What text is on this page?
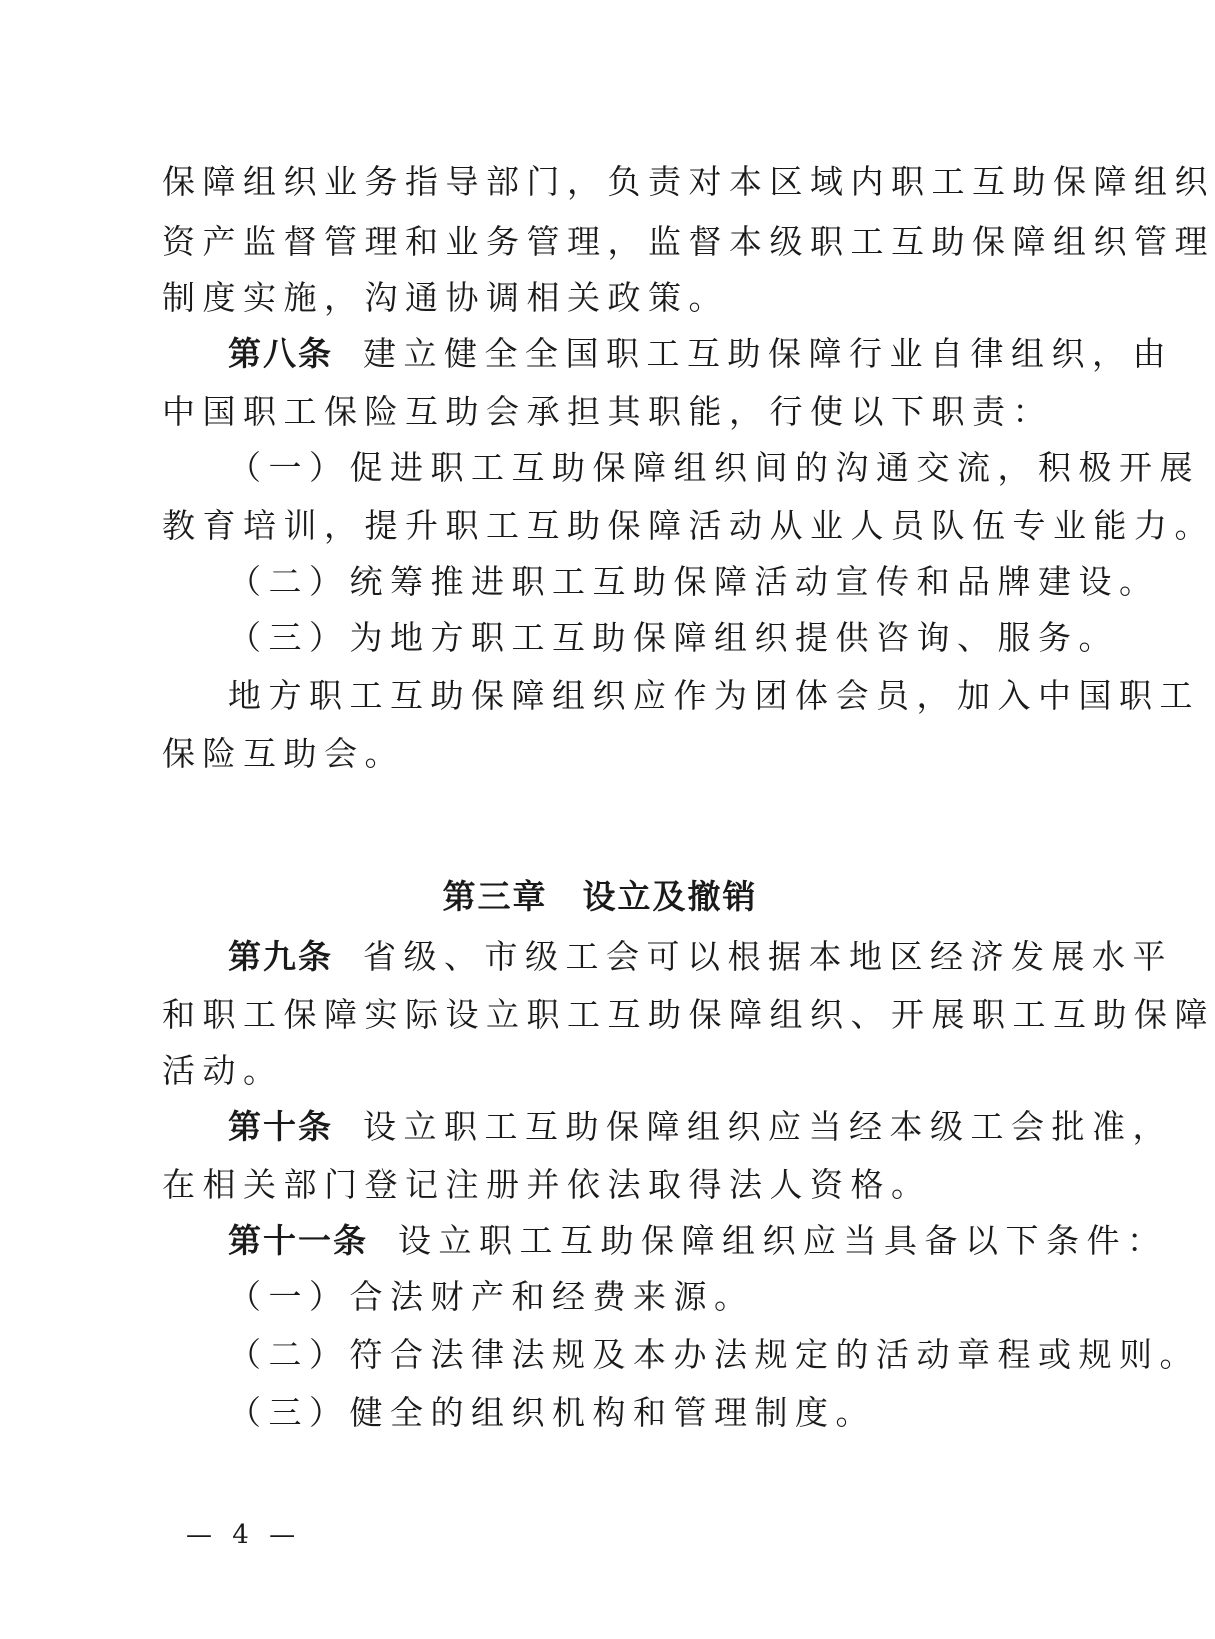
保障组织业务指导部门，负责对本区域内职工互助保障组织
资产监督管理和业务管理，监督本级职工互助保障组织管理
制度实施，沟通协调相关政策。
第八条 建立健全全国职工互助保障行业自律组织，由
中国职工保险互助会承担其职能，行使以下职责：
（一）促进职工互助保障组织间的沟通交流，积极开展
教育培训，提升职工互助保障活动从业人员队伍专业能力。
（二）统筹推进职工互助保障活动宣传和品牌建设。
（三）为地方职工互助保障组织提供咨询、服务。
地方职工互助保障组织应作为团体会员，加入中国职工
保险互助会。
第三章　设立及撤销
第九条 省级、市级工会可以根据本地区经济发展水平
和职工保障实际设立职工互助保障组织、开展职工互助保障
活动。
第十条 设立职工互助保障组织应当经本级工会批准，
在相关部门登记注册并依法取得法人资格。
第十一条 设立职工互助保障组织应当具备以下条件：
（一）合法财产和经费来源。
（二）符合法律法规及本办法规定的活动章程或规则。
（三）健全的组织机构和管理制度。
— 4 —
